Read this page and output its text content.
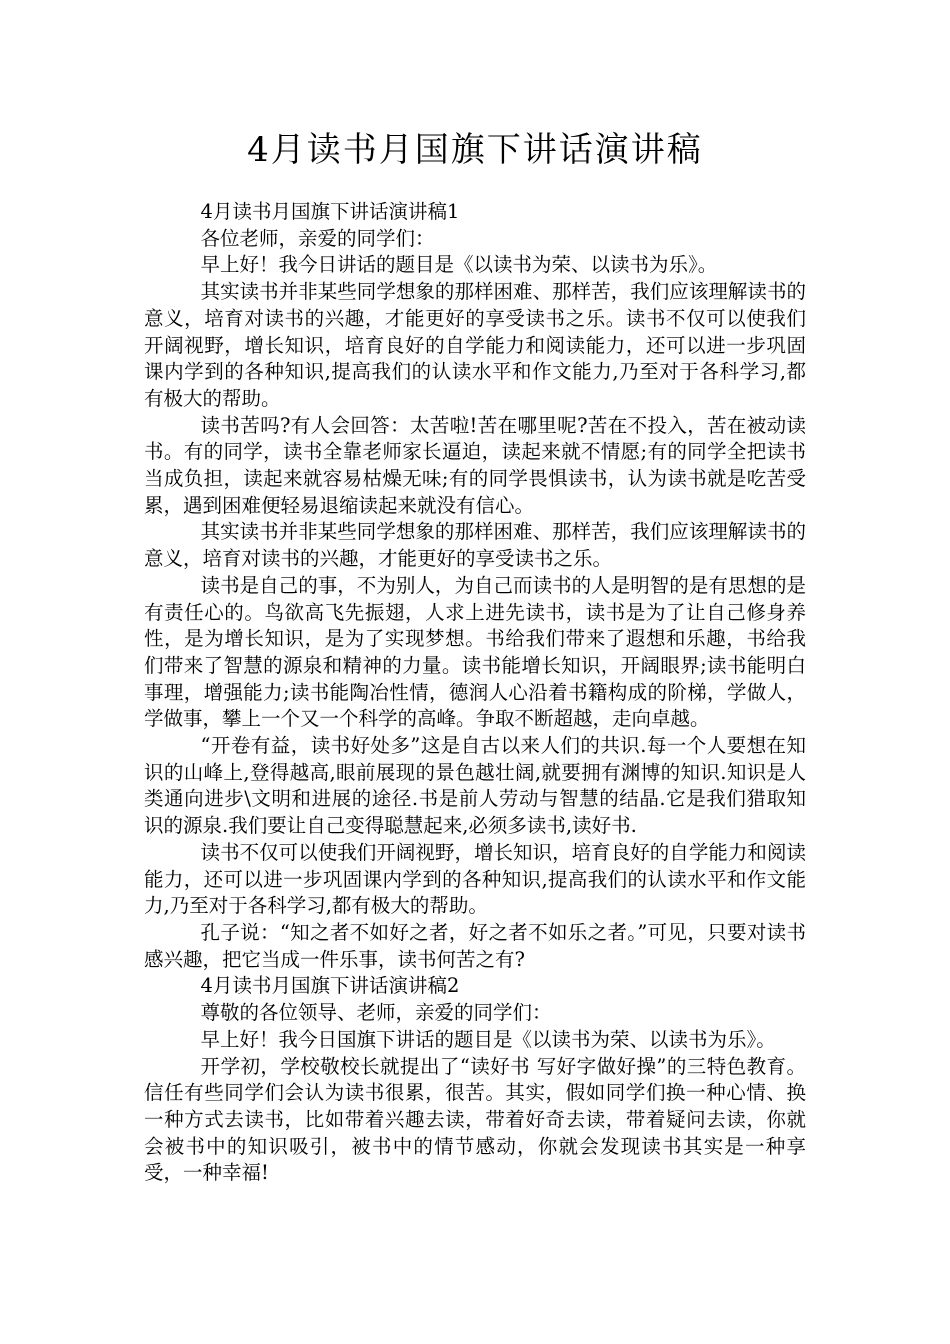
4月读书月国旗下讲话演讲稿

4月读书月国旗下讲话演讲稿1

各位老师，亲爱的同学们：

早上好！我今日讲话的题目是《以读书为荣、以读书为乐》。

其实读书并非某些同学想象的那样困难、那样苦，我们应该理解读书的意义，培育对读书的兴趣，才能更好的享受读书之乐。读书不仅可以使我们开阔视野，增长知识，培育良好的自学能力和阅读能力，还可以进一步巩固课内学到的各种知识,提高我们的认读水平和作文能力,乃至对于各科学习,都有极大的帮助。

读书苦吗?有人会回答：太苦啦!苦在哪里呢?苦在不投入，苦在被动读书。有的同学，读书全靠老师家长逼迫，读起来就不情愿;有的同学全把读书当成负担，读起来就容易枯燥无味;有的同学畏惧读书，认为读书就是吃苦受累，遇到困难便轻易退缩读起来就没有信心。

其实读书并非某些同学想象的那样困难、那样苦，我们应该理解读书的意义，培育对读书的兴趣，才能更好的享受读书之乐。

读书是自己的事，不为别人，为自己而读书的人是明智的是有思想的是有责任心的。鸟欲高飞先振翅，人求上进先读书，读书是为了让自己修身养性，是为增长知识，是为了实现梦想。书给我们带来了遐想和乐趣，书给我们带来了智慧的源泉和精神的力量。读书能增长知识，开阔眼界;读书能明白事理，增强能力;读书能陶冶性情，德润人心沿着书籍构成的阶梯，学做人，学做事，攀上一个又一个科学的高峰。争取不断超越，走向卓越。

“开卷有益，读书好处多”这是自古以来人们的共识.每一个人要想在知识的山峰上,登得越高,眼前展现的景色越壮阔,就要拥有渊博的知识.知识是人类通向进步\文明和进展的途径.书是前人劳动与智慧的结晶.它是我们猎取知识的源泉.我们要让自己变得聪慧起来,必须多读书,读好书.

读书不仅可以使我们开阔视野，增长知识，培育良好的自学能力和阅读能力，还可以进一步巩固课内学到的各种知识,提高我们的认读水平和作文能力,乃至对于各科学习,都有极大的帮助。

孔子说：“知之者不如好之者，好之者不如乐之者。”可见，只要对读书感兴趣，把它当成一件乐事，读书何苦之有?

4月读书月国旗下讲话演讲稿2

尊敬的各位领导、老师，亲爱的同学们：

早上好！我今日国旗下讲话的题目是《以读书为荣、以读书为乐》。

开学初，学校敬校长就提出了“读好书 写好字做好操”的三特色教育。信任有些同学们会认为读书很累，很苦。其实，假如同学们换一种心情、换一种方式去读书，比如带着兴趣去读，带着好奇去读，带着疑问去读，你就会被书中的知识吸引，被书中的情节感动，你就会发现读书其实是一种享受，一种幸福!
